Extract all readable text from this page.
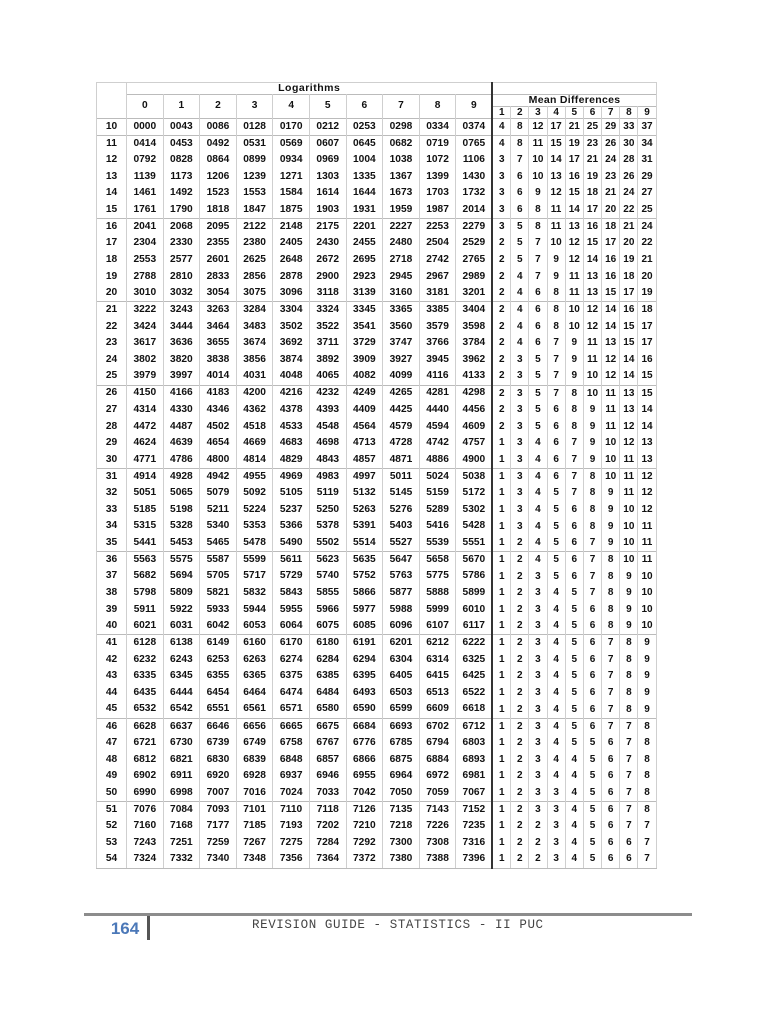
	Logarithms																		
	0	1	2	3	4	5	6	7	8	9	Mean Differences								
											1	2	3	4	5	6	7	8	9
10	0000	0043	0086	0128	0170	0212	0253	0298	0334	0374	4	8	12	17	21	25	29	33	37
11	0414	0453	0492	0531	0569	0607	0645	0682	0719	0765	4	8	11	15	19	23	26	30	34
12	0792	0828	0864	0899	0934	0969	1004	1038	1072	1106	3	7	10	14	17	21	24	28	31
13	1139	1173	1206	1239	1271	1303	1335	1367	1399	1430	3	6	10	13	16	19	23	26	29
14	1461	1492	1523	1553	1584	1614	1644	1673	1703	1732	3	6	9	12	15	18	21	24	27
15	1761	1790	1818	1847	1875	1903	1931	1959	1987	2014	3	6	8	11	14	17	20	22	25
16	2041	2068	2095	2122	2148	2175	2201	2227	2253	2279	3	5	8	11	13	16	18	21	24
17	2304	2330	2355	2380	2405	2430	2455	2480	2504	2529	2	5	7	10	12	15	17	20	22
18	2553	2577	2601	2625	2648	2672	2695	2718	2742	2765	2	5	7	9	12	14	16	19	21
19	2788	2810	2833	2856	2878	2900	2923	2945	2967	2989	2	4	7	9	11	13	16	18	20
20	3010	3032	3054	3075	3096	3118	3139	3160	3181	3201	2	4	6	8	11	13	15	17	19
21	3222	3243	3263	3284	3304	3324	3345	3365	3385	3404	2	4	6	8	10	12	14	16	18
22	3424	3444	3464	3483	3502	3522	3541	3560	3579	3598	2	4	6	8	10	12	14	15	17
23	3617	3636	3655	3674	3692	3711	3729	3747	3766	3784	2	4	6	7	9	11	13	15	17
24	3802	3820	3838	3856	3874	3892	3909	3927	3945	3962	2	3	5	7	9	11	12	14	16
25	3979	3997	4014	4031	4048	4065	4082	4099	4116	4133	2	3	5	7	9	10	12	14	15
26	4150	4166	4183	4200	4216	4232	4249	4265	4281	4298	2	3	5	7	8	10	11	13	15
27	4314	4330	4346	4362	4378	4393	4409	4425	4440	4456	2	3	5	6	8	9	11	13	14
28	4472	4487	4502	4518	4533	4548	4564	4579	4594	4609	2	3	5	6	8	9	11	12	14
29	4624	4639	4654	4669	4683	4698	4713	4728	4742	4757	1	3	4	6	7	9	10	12	13
30	4771	4786	4800	4814	4829	4843	4857	4871	4886	4900	1	3	4	6	7	9	10	11	13
31	4914	4928	4942	4955	4969	4983	4997	5011	5024	5038	1	3	4	6	7	8	10	11	12
32	5051	5065	5079	5092	5105	5119	5132	5145	5159	5172	1	3	4	5	7	8	9	11	12
33	5185	5198	5211	5224	5237	5250	5263	5276	5289	5302	1	3	4	5	6	8	9	10	12
34	5315	5328	5340	5353	5366	5378	5391	5403	5416	5428	1	3	4	5	6	8	9	10	11
35	5441	5453	5465	5478	5490	5502	5514	5527	5539	5551	1	2	4	5	6	7	9	10	11
36	5563	5575	5587	5599	5611	5623	5635	5647	5658	5670	1	2	4	5	6	7	8	10	11
37	5682	5694	5705	5717	5729	5740	5752	5763	5775	5786	1	2	3	5	6	7	8	9	10
38	5798	5809	5821	5832	5843	5855	5866	5877	5888	5899	1	2	3	4	5	7	8	9	10
39	5911	5922	5933	5944	5955	5966	5977	5988	5999	6010	1	2	3	4	5	6	8	9	10
40	6021	6031	6042	6053	6064	6075	6085	6096	6107	6117	1	2	3	4	5	6	8	9	10
41	6128	6138	6149	6160	6170	6180	6191	6201	6212	6222	1	2	3	4	5	6	7	8	9
42	6232	6243	6253	6263	6274	6284	6294	6304	6314	6325	1	2	3	4	5	6	7	8	9
43	6335	6345	6355	6365	6375	6385	6395	6405	6415	6425	1	2	3	4	5	6	7	8	9
44	6435	6444	6454	6464	6474	6484	6493	6503	6513	6522	1	2	3	4	5	6	7	8	9
45	6532	6542	6551	6561	6571	6580	6590	6599	6609	6618	1	2	3	4	5	6	7	8	9
46	6628	6637	6646	6656	6665	6675	6684	6693	6702	6712	1	2	3	4	5	6	7	7	8
47	6721	6730	6739	6749	6758	6767	6776	6785	6794	6803	1	2	3	4	5	5	6	7	8
48	6812	6821	6830	6839	6848	6857	6866	6875	6884	6893	1	2	3	4	4	5	6	7	8
49	6902	6911	6920	6928	6937	6946	6955	6964	6972	6981	1	2	3	4	4	5	6	7	8
50	6990	6998	7007	7016	7024	7033	7042	7050	7059	7067	1	2	3	3	4	5	6	7	8
51	7076	7084	7093	7101	7110	7118	7126	7135	7143	7152	1	2	3	3	4	5	6	7	8
52	7160	7168	7177	7185	7193	7202	7210	7218	7226	7235	1	2	2	3	4	5	6	7	7
53	7243	7251	7259	7267	7275	7284	7292	7300	7308	7316	1	2	2	3	4	5	6	6	7
54	7324	7332	7340	7348	7356	7364	7372	7380	7388	7396	1	2	2	3	4	5	6	6	7
164	REVISION GUIDE - STATISTICS - II PUC
